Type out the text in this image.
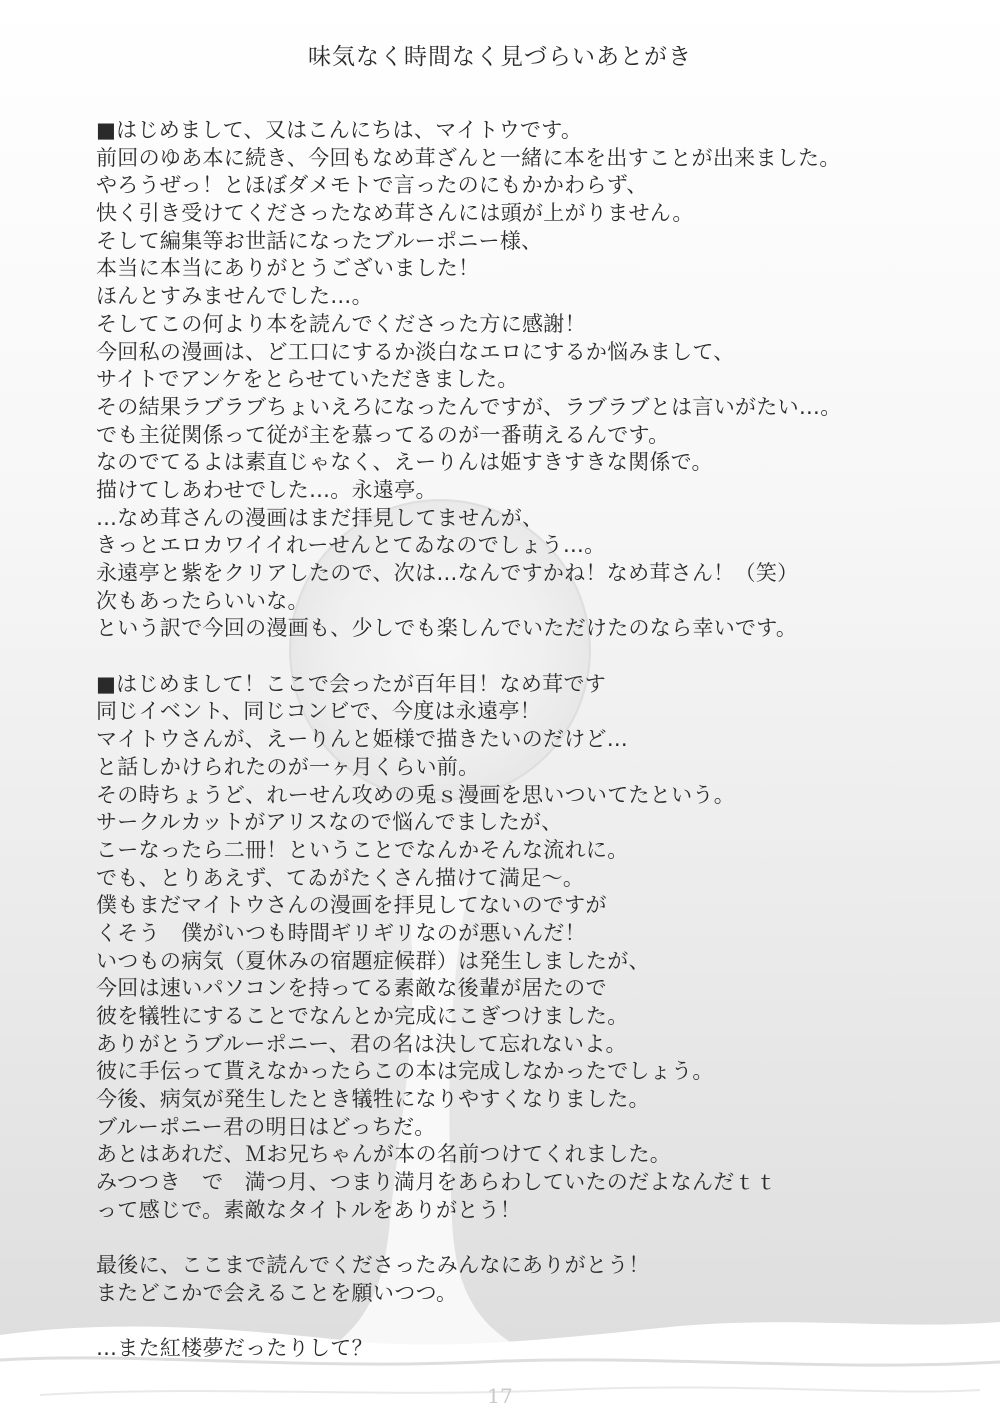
味気なく時間なく見づらいあとがき
■はじめまして、又はこんにちは、マイトウです。
前回のゆあ本に続き、今回もなめ茸ざんと一緒に本を出すことが出来ました。
やろうぜっ！とほぼダメモトで言ったのにもかかわらず、
快く引き受けてくださったなめ茸さんには頭が上がりません。
そして編集等お世話になったブルーポニー様、
本当に本当にありがとうございました！
ほんとすみませんでした…。
そしてこの何より本を読んでくださった方に感謝！
今回私の漫画は、ど工口にするか淡白なエロにするか悩みまして、
サイトでアンケをとらせていただきました。
その結果ラブラブちょいえろになったんですが、ラブラブとは言いがたい…。
でも主従関係って従が主を慕ってるのが一番萌えるんです。
なのでてるよは素直じゃなく、えーりんは姫すきすきな関係で。
描けてしあわせでした…。永遠亭。
…なめ茸さんの漫画はまだ拝見してませんが、
きっとエロカワイイれーせんとてゐなのでしょう…。
永遠亭と紫をクリアしたので、次は…なんですかね！なめ茸さん！（笑）
次もあったらいいな。
という訳で今回の漫画も、少しでも楽しんでいただけたのなら幸いです。
■はじめまして！ここで会ったが百年目！なめ茸です
同じイベント、同じコンビで、今度は永遠亭！
マイトウさんが、えーりんと姫様で描きたいのだけど…
と話しかけられたのが一ヶ月くらい前。
その時ちょうど、れーせん攻めの兎ｓ漫画を思いついてたという。
サークルカットがアリスなので悩んでましたが、
こーなったら二冊！ということでなんかそんな流れに。
でも、とりあえず、てゐがたくさん描けて満足～。
僕もまだマイトウさんの漫画を拝見してないのですが
くそう　僕がいつも時間ギリギリなのが悪いんだ！
いつもの病気（夏休みの宿題症候群）は発生しましたが、
今回は速いパソコンを持ってる素敵な後輩が居たので
彼を犠牲にすることでなんとか完成にこぎつけました。
ありがとうブルーポニー、君の名は決して忘れないよ。
彼に手伝って貰えなかったらこの本は完成しなかったでしょう。
今後、病気が発生したとき犠牲になりやすくなりました。
ブルーポニー君の明日はどっちだ。
あとはあれだ、Ｍお兄ちゃんが本の名前つけてくれました。
みつつき　で　満つ月、つまり満月をあらわしていたのだよなんだｔｔ
って感じで。素敵なタイトルをありがとう！
最後に、ここまで読んでくださったみんなにありがとう！
またどこかで会えることを願いつつ。
…また紅楼夢だったりして？
17
